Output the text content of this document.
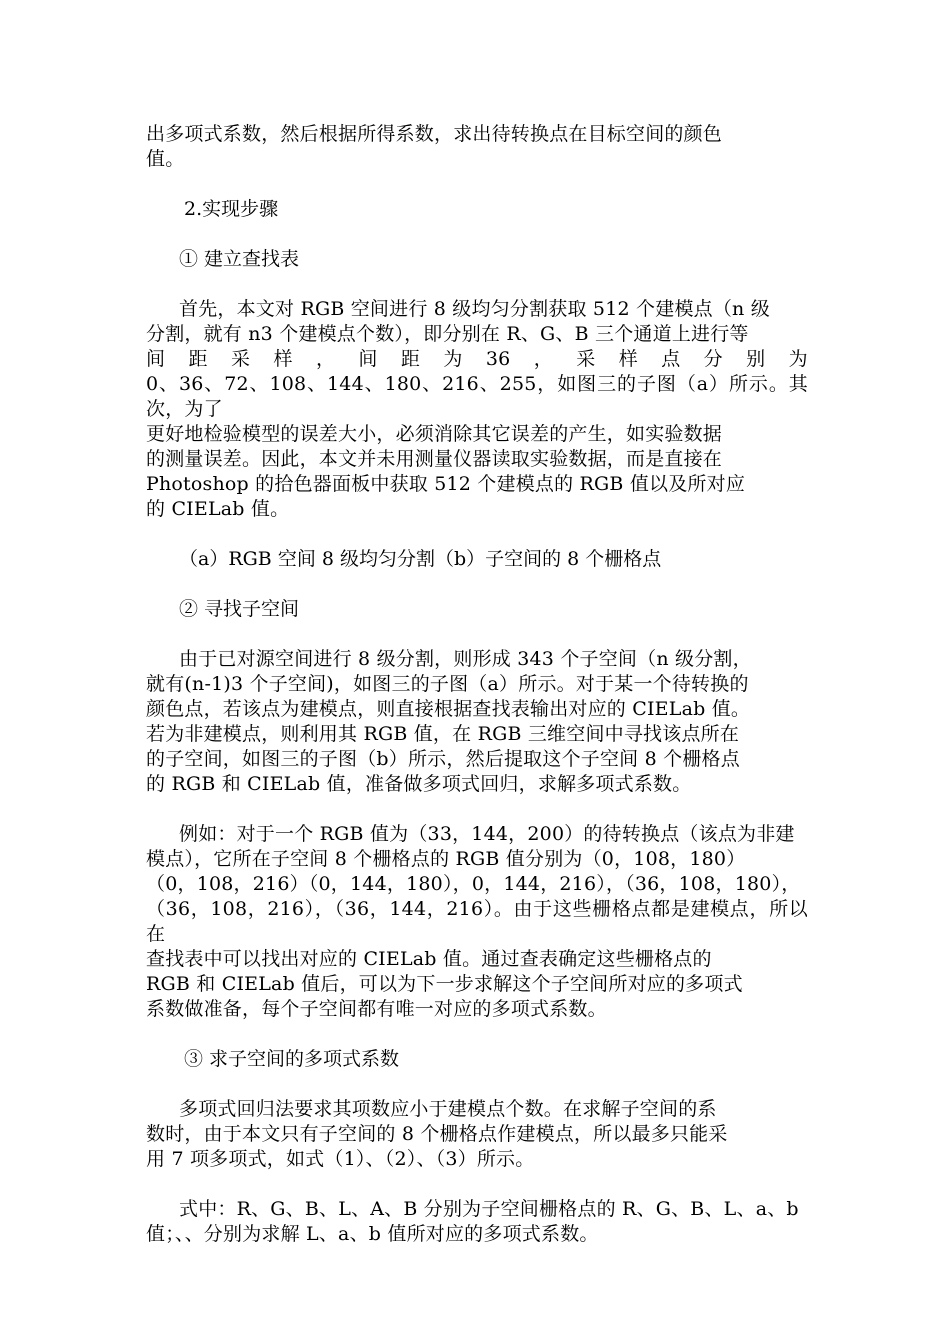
出多项式系数，然后根据所得系数，求出待转换点在目标空间的颜色
值。

2.实现步骤
① 建立查找表

首先，本文对 RGB 空间进行 8 级均匀分割获取 512 个建模点（n 级
分割，就有 n3 个建模点个数），即分别在 R、G、B 三个通道上进行等
间 距 采 样 ， 间 距 为 36 ， 采 样 点 分 别 为
0、36、72、108、144、180、216、255，如图三的子图（a）所示。其次，为了
更好地检验模型的误差大小，必须消除其它误差的产生，如实验数据
的测量误差。因此，本文并未用测量仪器读取实验数据，而是直接在
Photoshop 的拾色器面板中获取 512 个建模点的 RGB 值以及所对应
的 CIELab 值。

（a）RGB 空间 8 级均匀分割（b）子空间的 8 个栅格点
② 寻找子空间

由于已对源空间进行 8 级分割，则形成 343 个子空间（n 级分割，
就有(n-1)3 个子空间)，如图三的子图（a）所示。对于某一个待转换的
颜色点，若该点为建模点，则直接根据查找表输出对应的 CIELab 值。
若为非建模点，则利用其 RGB 值，在 RGB 三维空间中寻找该点所在
的子空间，如图三的子图（b）所示，然后提取这个子空间 8 个栅格点
的 RGB 和 CIELab 值，准备做多项式回归，求解多项式系数。

例如：对于一个 RGB 值为（33，144，200）的待转换点（该点为非建
模点），它所在子空间 8 个栅格点的 RGB 值分别为（0，108，180）
（0，108，216）（0，144，180），0，144，216），（36，108，180），
（36，108，216），（36，144，216）。由于这些栅格点都是建模点，所以在
查找表中可以找出对应的 CIELab 值。通过查表确定这些栅格点的
RGB 和 CIELab 值后，可以为下一步求解这个子空间所对应的多项式
系数做准备，每个子空间都有唯一对应的多项式系数。

③ 求子空间的多项式系数

多项式回归法要求其项数应小于建模点个数。在求解子空间的系
数时，由于本文只有子空间的 8 个栅格点作建模点，所以最多只能采
用 7 项多项式，如式（1）、（2）、（3）所示。

式中：R、G、B、L、A、B 分别为子空间栅格点的 R、G、B、L、a、b
值；、、分别为求解 L、a、b 值所对应的多项式系数。
